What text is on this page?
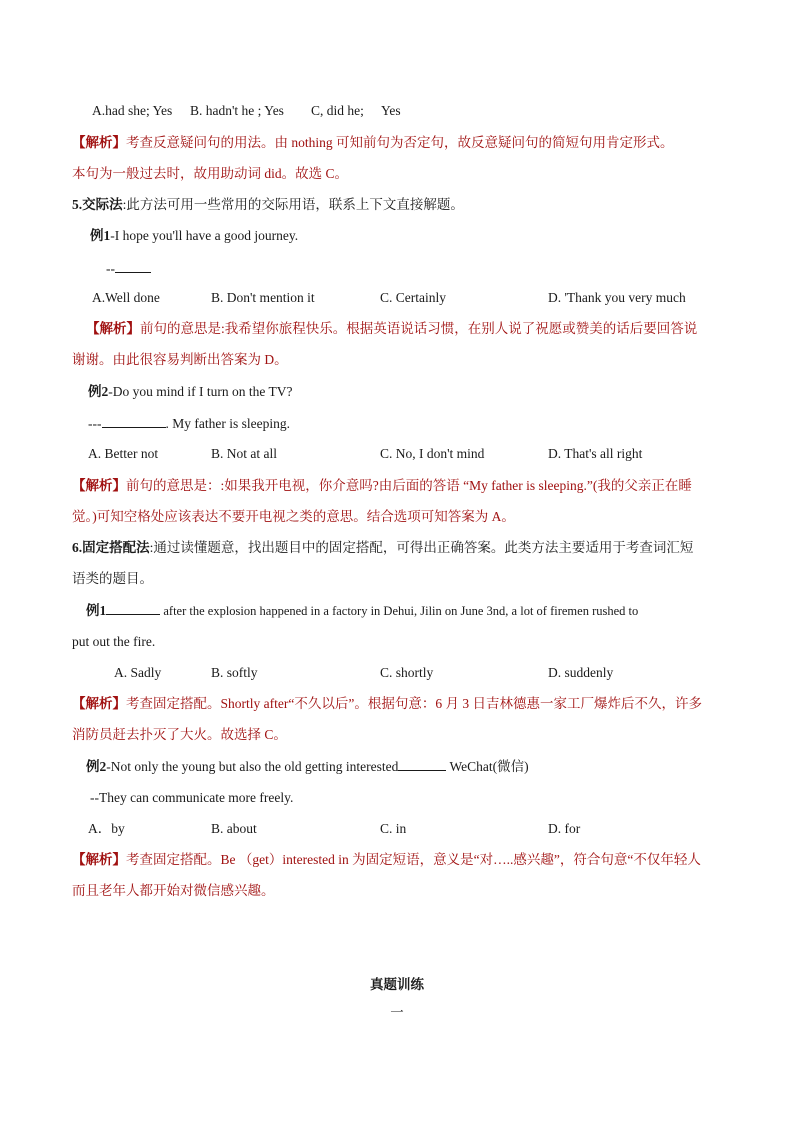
A.had she; Yes B. hadn't he ; Yes C, did he; Yes
【解析】考查反意疑问句的用法。由 nothing 可知前句为否定句，故反意疑问句的简短句用肯定形式。
本句为一般过去时，故用助动词 did。故选 C。
5.交际法:此方法可用一些常用的交际用语，联系上下文直接解题。
例1-I hope you'll have a good journey.
--
A.Well done	B. Don't mention it	C. Certainly	D. 'Thank you very much
【解析】前句的意思是:我希望你旅程快乐。根据英语说话习惯，在别人说了祝愿或赞美的话后要回答说
谢谢。由此很容易判断出答案为 D。
例2-Do you mind if I turn on the TV?
---	. My father is sleeping.
A. Better not	B. Not at all	C. No, I don't mind	D. That's all right
【解析】前句的意思是：:如果我开电视，你介意吗?由后面的答语 “My father is sleeping.”(我的父亲正在睡
觉。)可知空格处应该表达不要开电视之类的意思。结合选项可知答案为 A。
6.固定搭配法:通过读懂题意，找出题目中的固定搭配，可得出正确答案。此类方法主要适用于考查词汇短
语类的题目。
例1	after the explosion happened in a factory in Dehui, Jilin on June 3nd, a lot of firemen rushed to
put out the fire.
A. Sadly	B. softly	C. shortly	D. suddenly
【解析】考查固定搭配。Shortly after“不久以后”。根据句意：6 月 3 日吉林德惠一家工厂爆炸后不久，许多
消防员赶去扑灭了大火。故选择 C。
例2-Not only the young but also the old getting interested	WeChat(微信)
--They can communicate more freely.
A．by	B. about	C. in	D. for
【解析】考查固定搭配。Be （get）interested in 为固定短语，意义是“对…..感兴趣”，符合句意“不仅年轻人
而且老年人都开始对微信感兴趣。
真题训练
一
